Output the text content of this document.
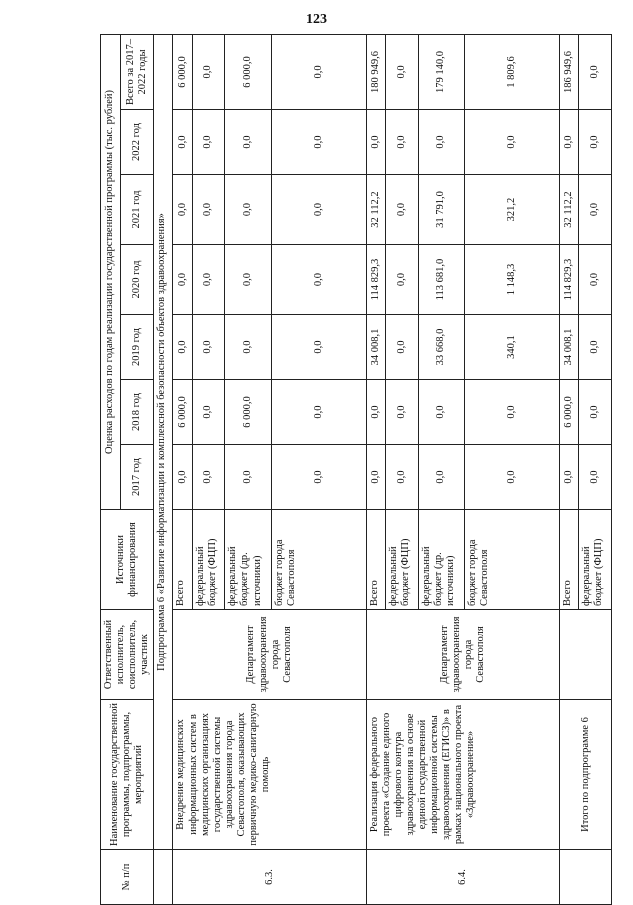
123
№ п/п	Наименование государственной программы, подпрограммы, мероприятий	Ответственный исполнитель, соисполнитель, участник	Источники финансирования	Оценка расходов по годам реализации государственной программы (тыс. рублей)						
				2017 год	2018 год	2019 год	2020 год	2021 год	2022 год	Всего за 2017–2022 годы
	Подпрограмма 6 «Развитие информатизации и комплексной безопасности объектов здравоохранения»									
6.3.	Внедрение медицинских информационных систем в медицинских организациях государственной системы здравоохранения города Севастополя, оказывающих первичную медико-санитарную помощь	Департамент здравоохранения города Севастополя	Всего	0,0	6 000,0	0,0	0,0	0,0	0,0	6 000,0
			федеральный бюджет (ФЦП)	0,0	0,0	0,0	0,0	0,0	0,0	0,0
			федеральный бюджет (др. источники)	0,0	6 000,0	0,0	0,0	0,0	0,0	6 000,0
			бюджет города Севастополя	0,0	0,0	0,0	0,0	0,0	0,0	0,0
6.4.	Реализация федерального проекта «Создание единого цифрового контура здравоохранения на основе единой государственной информационной системы здравоохранения (ЕГИСЗ)» в рамках национального проекта «Здравоохранение»	Департамент здравоохранения города Севастополя	Всего	0,0	0,0	34 008,1	114 829,3	32 112,2	0,0	180 949,6
			федеральный бюджет (ФЦП)	0,0	0,0	0,0	0,0	0,0	0,0	0,0
			федеральный бюджет (др. источники)	0,0	0,0	33 668,0	113 681,0	31 791,0	0,0	179 140,0
			бюджет города Севастополя	0,0	0,0	340,1	1 148,3	321,2	0,0	1 809,6
	Итого по подпрограмме 6		Всего	0,0	6 000,0	34 008,1	114 829,3	32 112,2	0,0	186 949,6
			федеральный бюджет (ФЦП)	0,0	0,0	0,0	0,0	0,0	0,0	0,0
